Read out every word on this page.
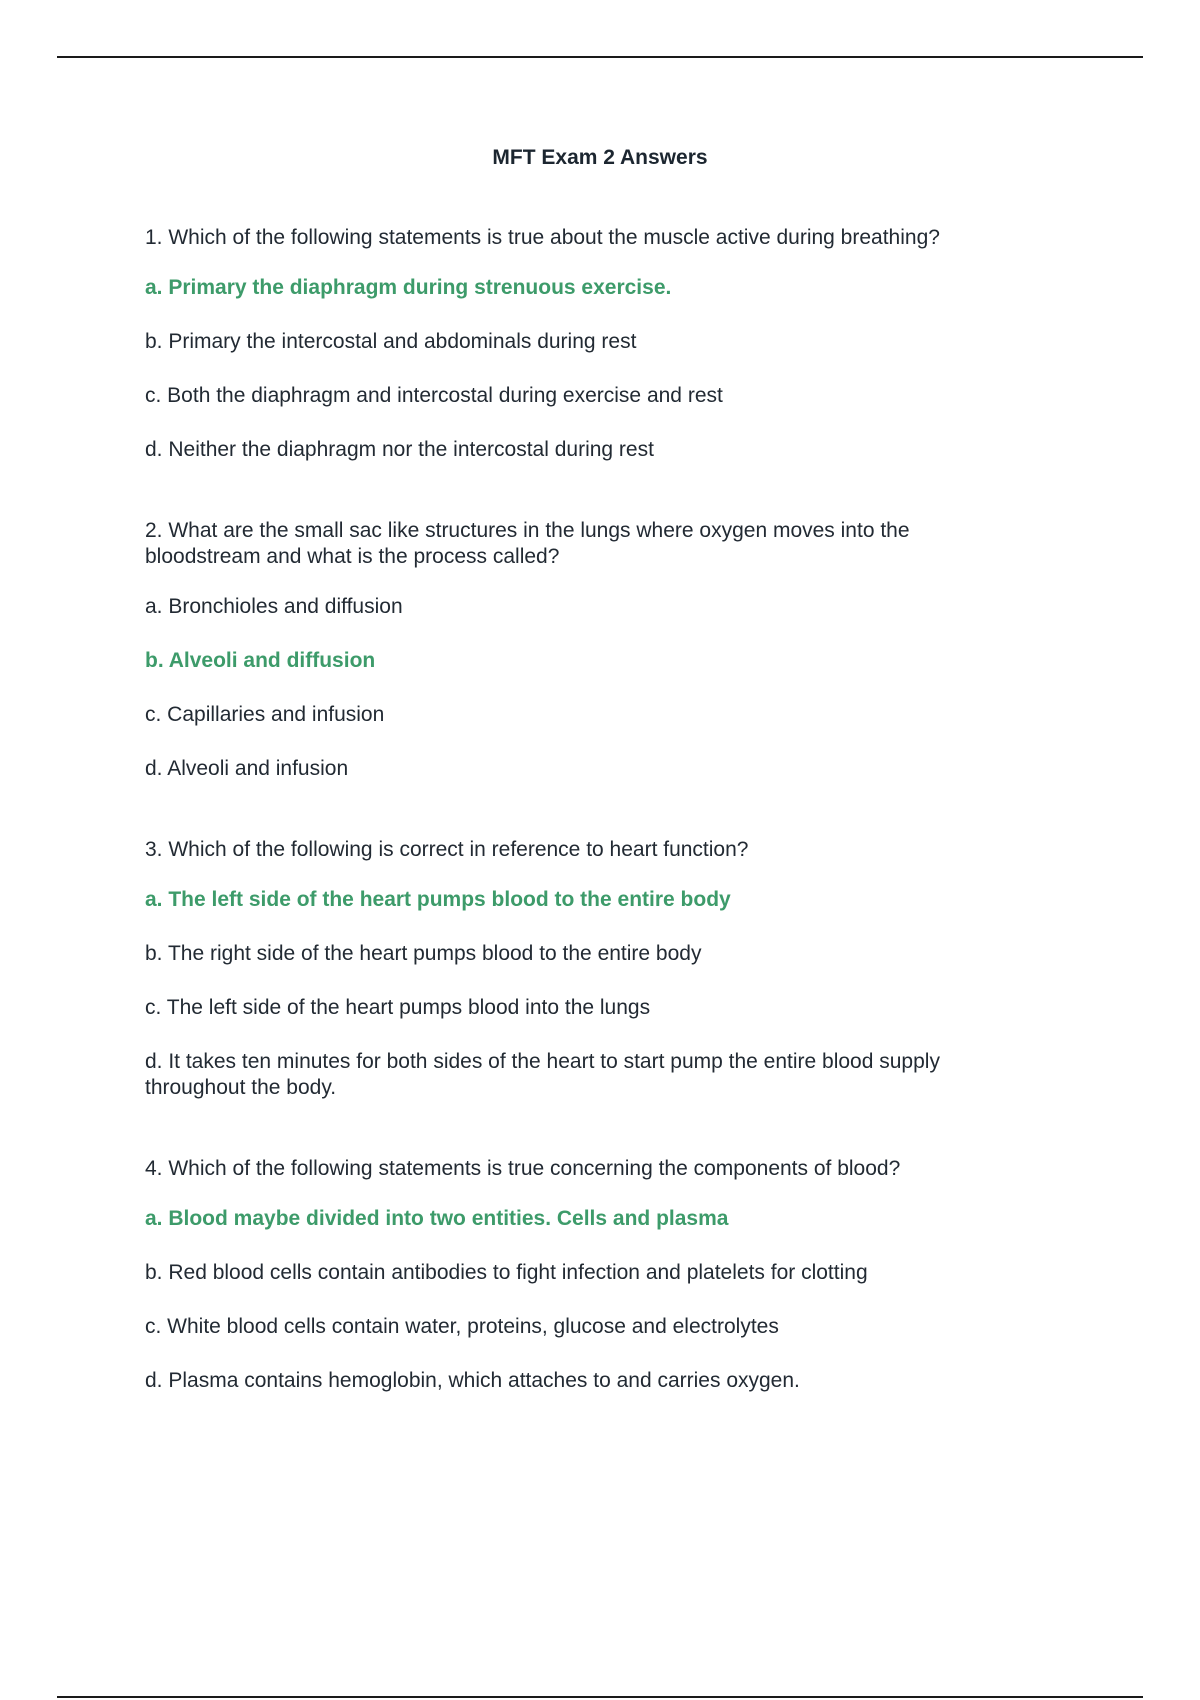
MFT Exam 2 Answers
1. Which of the following statements is true about the muscle active during breathing?
a. Primary the diaphragm during strenuous exercise.
b. Primary the intercostal and abdominals during rest
c. Both the diaphragm and intercostal during exercise and rest
d. Neither the diaphragm nor the intercostal during rest
2. What are the small sac like structures in the lungs where oxygen moves into the bloodstream and what is the process called?
a. Bronchioles and diffusion
b. Alveoli and diffusion
c. Capillaries and infusion
d. Alveoli and infusion
3. Which of the following is correct in reference to heart function?
a. The left side of the heart pumps blood to the entire body
b. The right side of the heart pumps blood to the entire body
c. The left side of the heart pumps blood into the lungs
d. It takes ten minutes for both sides of the heart to start pump the entire blood supply throughout the body.
4. Which of the following statements is true concerning the components of blood?
a. Blood maybe divided into two entities. Cells and plasma
b. Red blood cells contain antibodies to fight infection and platelets for clotting
c. White blood cells contain water, proteins, glucose and electrolytes
d. Plasma contains hemoglobin, which attaches to and carries oxygen.
